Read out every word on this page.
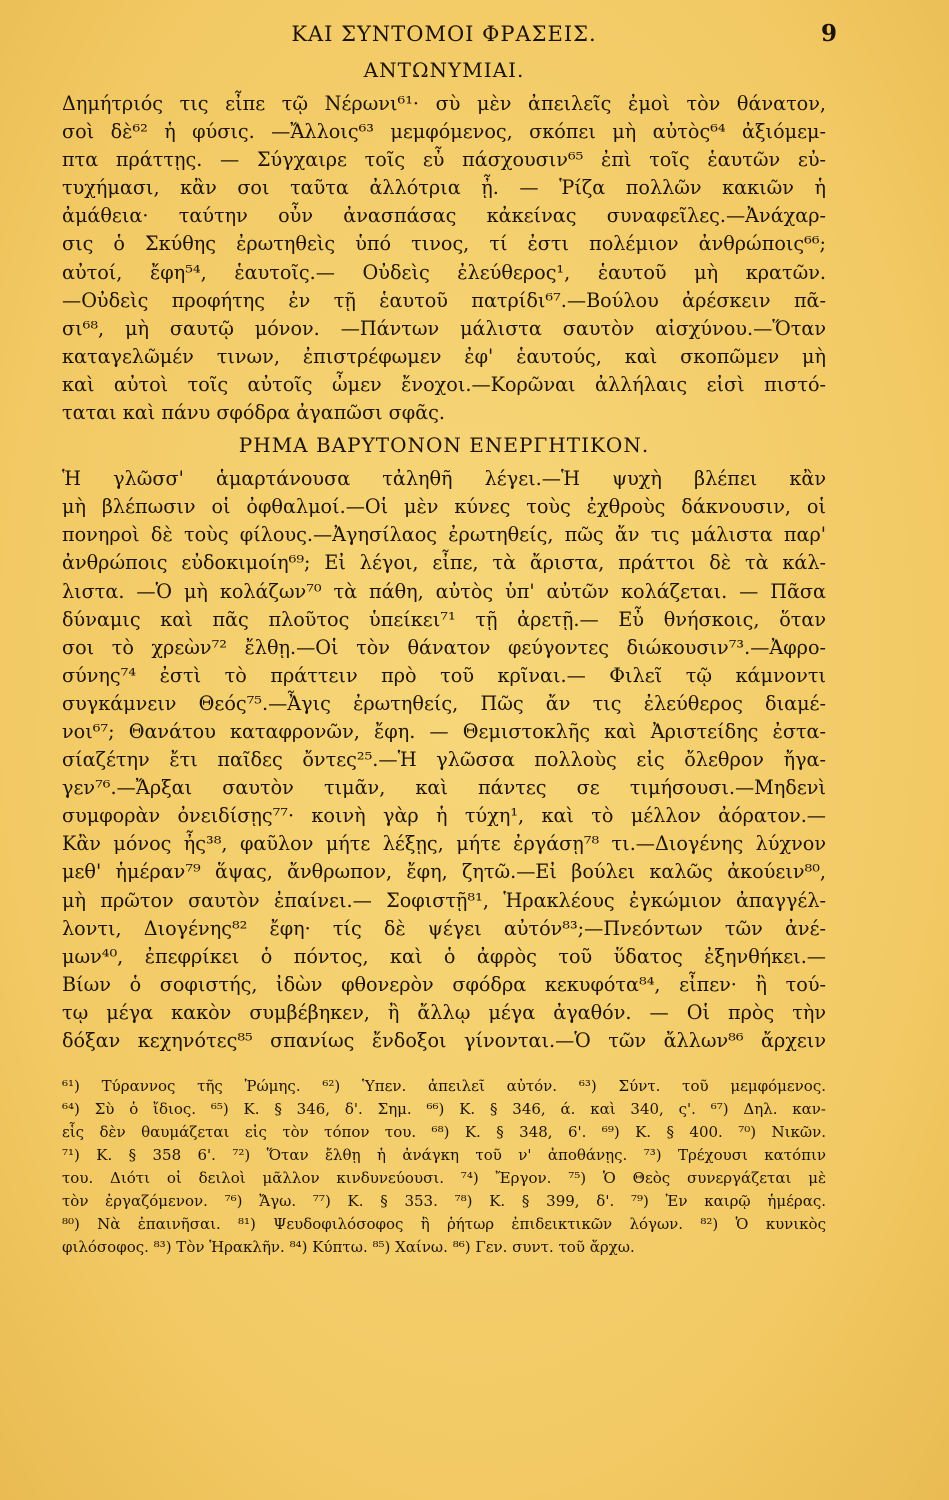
ΚΑΙ ΣΥΝΤΟΜΟΙ ΦΡΑΣΕΙΣ.	9
ΑΝΤΩΝΥΜΙΑΙ.
Δημήτριός τις εἶπε τῷ Νέρωνι⁶¹· σὺ μὲν ἀπειλεῖς ἐμοὶ τὸν θάνατον,
σοὶ δὲ⁶² ἡ φύσις. —Ἄλλοις⁶³ μεμφόμενος, σκόπει μὴ αὐτὸς⁶⁴ ἀξιόμεμ-
πτα πράττῃς. — Σύγχαιρε τοῖς εὖ πάσχουσιν⁶⁵ ἐπὶ τοῖς ἑαυτῶν εὐ-
τυχήμασι, κἂν σοι ταῦτα ἀλλότρια ᾖ. — Ῥίζα πολλῶν κακιῶν ἡ
ἀμάθεια· ταύτην οὖν ἀνασπάσας κἀκείνας συναφεῖλες.—Ἀνάχαρ-
σις ὁ Σκύθης ἐρωτηθεὶς ὑπό τινος, τί ἐστι πολέμιον ἀνθρώποις⁶⁶;
αὐτοί, ἔφη⁵⁴, ἑαυτοῖς.— Οὐδεὶς ἐλεύθερος¹, ἑαυτοῦ μὴ κρατῶν.
—Οὐδεὶς προφήτης ἐν τῇ ἑαυτοῦ πατρίδι⁶⁷.—Βούλου ἀρέσκειν πᾶ-
σι⁶⁸, μὴ σαυτῷ μόνον. —Πάντων μάλιστα σαυτὸν αἰσχύνου.—Ὅταν
καταγελῶμέν τινων, ἐπιστρέφωμεν ἐφ' ἑαυτούς, καὶ σκοπῶμεν μὴ
καὶ αὐτοὶ τοῖς αὐτοῖς ὦμεν ἔνοχοι.—Κορῶναι ἀλλήλαις εἰσὶ πιστό-
ταται καὶ πάνυ σφόδρα ἀγαπῶσι σφᾶς.
ΡΗΜΑ ΒΑΡΥΤΟΝΟΝ ΕΝΕΡΓΗΤΙΚΟΝ.
Ἡ γλῶσσ' ἁμαρτάνουσα τἀληθῆ λέγει.—Ἡ ψυχὴ βλέπει κἂν
μὴ βλέπωσιν οἱ ὀφθαλμοί.—Οἱ μὲν κύνες τοὺς ἐχθροὺς δάκνουσιν, οἱ
πονηροὶ δὲ τοὺς φίλους.—Ἀγησίλαος ἐρωτηθείς, πῶς ἄν τις μάλιστα παρ'
ἀνθρώποις εὐδοκιμοίη⁶⁹; Εἰ λέγοι, εἶπε, τὰ ἄριστα, πράττοι δὲ τὰ κάλ-
λιστα. —Ὁ μὴ κολάζων⁷⁰ τὰ πάθη, αὐτὸς ὑπ' αὐτῶν κολάζεται. — Πᾶσα
δύναμις καὶ πᾶς πλοῦτος ὑπείκει⁷¹ τῇ ἀρετῇ.— Εὖ θνήσκοις, ὅταν
σοι τὸ χρεὼν⁷² ἔλθῃ.—Οἱ τὸν θάνατον φεύγοντες διώκουσιν⁷³.—Ἀφρο-
σύνης⁷⁴ ἐστὶ τὸ πράττειν πρὸ τοῦ κρῖναι.— Φιλεῖ τῷ κάμνοντι
συγκάμνειν Θεός⁷⁵.—Ἆγις ἐρωτηθείς, Πῶς ἄν τις ἐλεύθερος διαμέ-
νοι⁶⁷; Θανάτου καταφρονῶν, ἔφη. — Θεμιστοκλῆς καὶ Ἀριστείδης ἐστα-
σίαζέτην ἔτι παῖδες ὄντες²⁵.—Ἡ γλῶσσα πολλοὺς εἰς ὄλεθρον ἤγα-
γεν⁷⁶.—Ἄρξαι σαυτὸν τιμᾶν, καὶ πάντες σε τιμήσουσι.—Μηδενὶ
συμφορὰν ὀνειδίσῃς⁷⁷· κοινὴ γὰρ ἡ τύχη¹, καὶ τὸ μέλλον ἀόρατον.—
Κἂν μόνος ἦς³⁸, φαῦλον μήτε λέξῃς, μήτε ἐργάσῃ⁷⁸ τι.—Διογένης λύχνον
μεθ' ἡμέραν⁷⁹ ἅψας, ἄνθρωπον, ἔφη, ζητῶ.—Εἰ βούλει καλῶς ἀκούειν⁸⁰,
μὴ πρῶτον σαυτὸν ἐπαίνει.— Σοφιστῇ⁸¹, Ἡρακλέους ἐγκώμιον ἀπαγγέλ-
λοντι, Διογένης⁸² ἔφη· τίς δὲ ψέγει αὐτόν⁸³;—Πνεόντων τῶν ἀνέ-
μων⁴⁰, ἐπεφρίκει ὁ πόντος, καὶ ὁ ἀφρὸς τοῦ ὕδατος ἐξηνθήκει.—
Βίων ὁ σοφιστής, ἰδὼν φθονερὸν σφόδρα κεκυφότα⁸⁴, εἶπεν· ἢ τού-
τῳ μέγα κακὸν συμβέβηκεν, ἢ ἄλλῳ μέγα ἀγαθόν. — Οἱ πρὸς τὴν
δόξαν κεχηνότες⁸⁵ σπανίως ἔνδοξοι γίνονται.—Ὁ τῶν ἄλλων⁸⁶ ἄρχειν
⁶¹) Τύραννος τῆς Ῥώμης. ⁶²) Ὑπεν. ἀπειλεῖ αὐτόν. ⁶³) Σύντ. τοῦ μεμφόμενος.
⁶⁴) Σὺ ὁ ἴδιος. ⁶⁵) Κ. § 346, δ'. Σημ. ⁶⁶) Κ. § 346, ά. καὶ 340, ς'. ⁶⁷) Δηλ. καν-
εἷς δὲν θαυμάζεται εἰς τὸν τόπον του. ⁶⁸) Κ. § 348, 6'. ⁶⁹) Κ. § 400. ⁷⁰) Νικῶν.
⁷¹) Κ. § 358 6'. ⁷²) Ὅταν ἔλθῃ ἡ ἀνάγκη τοῦ ν' ἀποθάνῃς. ⁷³) Τρέχουσι κατόπιν
του. Διότι οἱ δειλοὶ μᾶλλον κινδυνεύουσι. ⁷⁴) Ἔργον. ⁷⁵) Ὁ Θεὸς συνεργάζεται μὲ
τὸν ἐργαζόμενον. ⁷⁶) Ἄγω. ⁷⁷) Κ. § 353. ⁷⁸) Κ. § 399, δ'. ⁷⁹) Ἐν καιρῷ ἡμέρας.
⁸⁰) Νὰ ἐπαινῆσαι. ⁸¹) Ψευδοφιλόσοφος ἢ ῥήτωρ ἐπιδεικτικῶν λόγων. ⁸²) Ὁ κυνικὸς
φιλόσοφος. ⁸³) Τὸν Ἡρακλῆν. ⁸⁴) Κύπτω. ⁸⁵) Χαίνω. ⁸⁶) Γεν. συντ. τοῦ ἄρχω.
